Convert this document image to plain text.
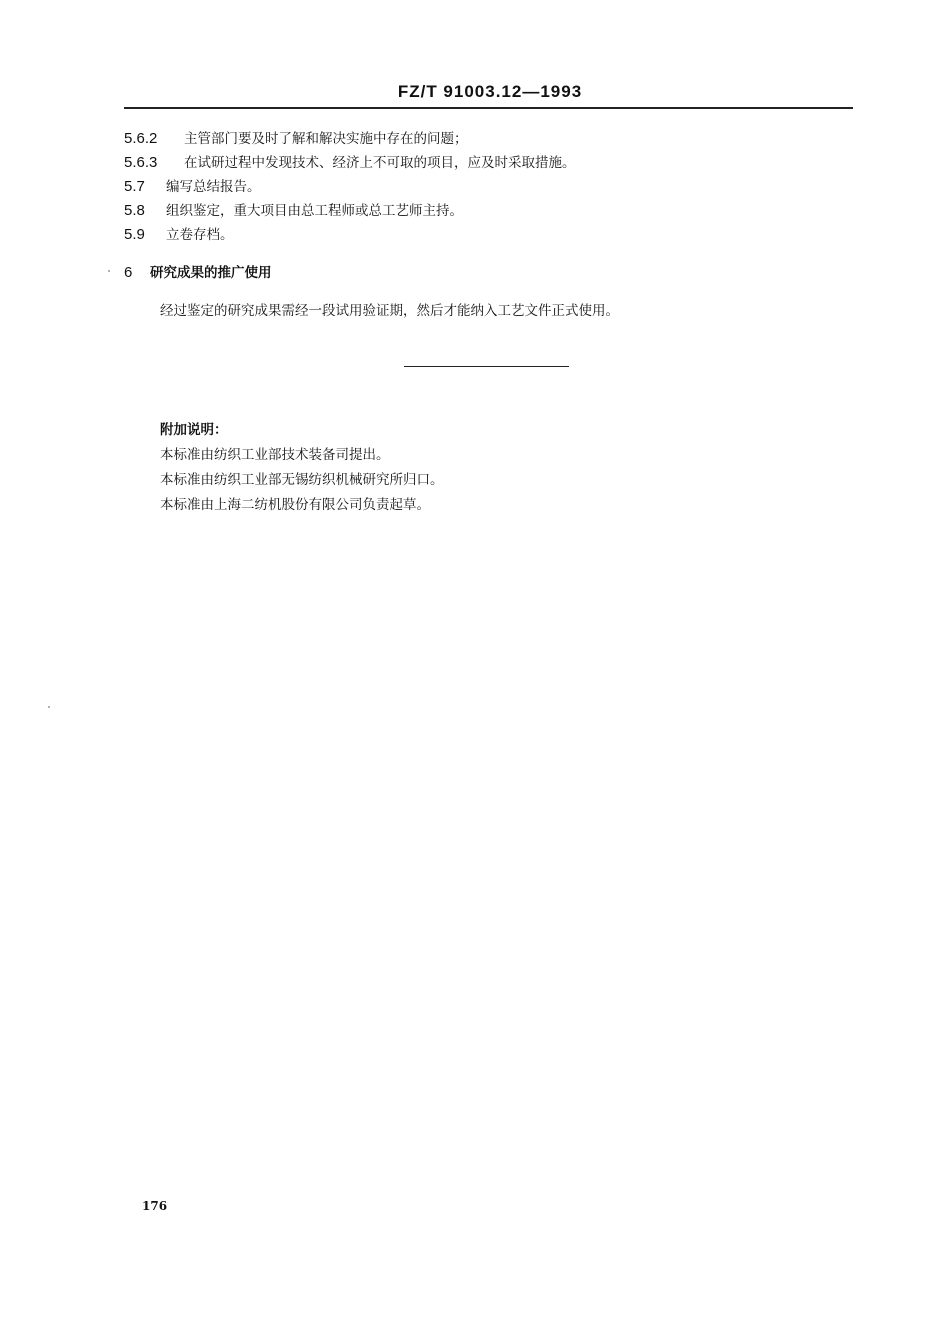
FZ/T 91003.12—1993
5.6.2 主管部门要及时了解和解决实施中存在的问题；
5.6.3 在试研过程中发现技术、经济上不可取的项目，应及时采取措施。
5.7 编写总结报告。
5.8 组织鉴定，重大项目由总工程师或总工艺师主持。
5.9 立卷存档。
6 研究成果的推广使用
经过鉴定的研究成果需经一段试用验证期，然后才能纳入工艺文件正式使用。
附加说明：
本标准由纺织工业部技术装备司提出。
本标准由纺织工业部无锡纺织机械研究所归口。
本标准由上海二纺机股份有限公司负责起草。
176
